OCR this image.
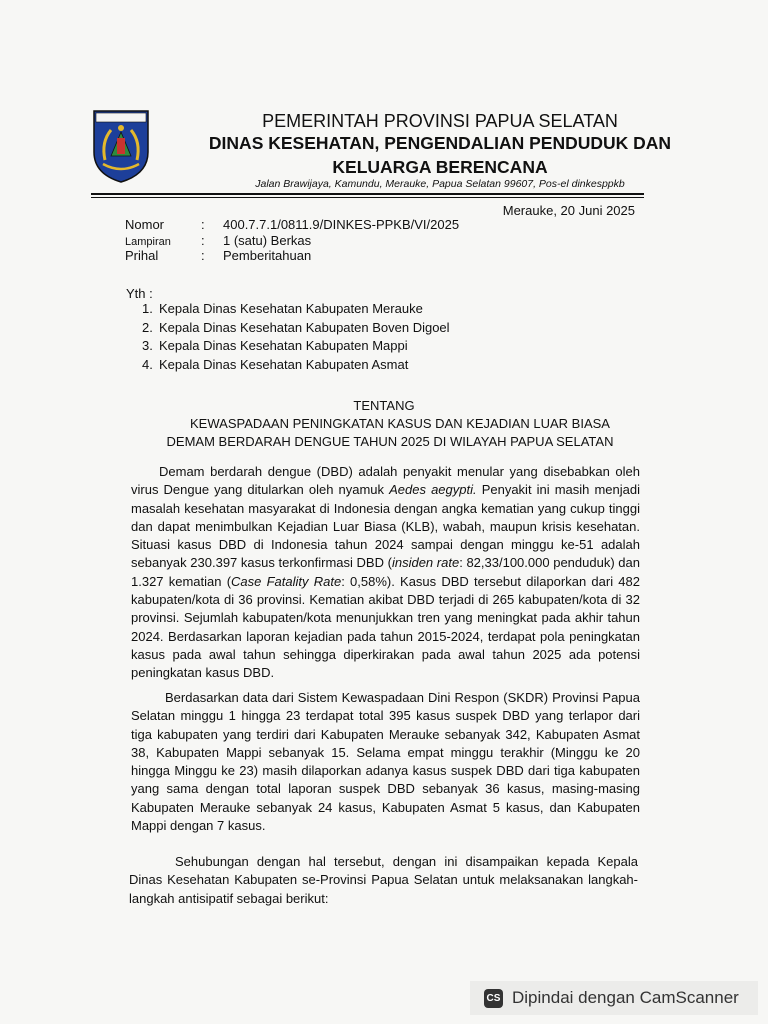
PEMERINTAH PROVINSI PAPUA SELATAN
DINAS KESEHATAN, PENGENDALIAN PENDUDUK DAN
KELUARGA BERENCANA
Jalan Brawijaya, Kamundu, Merauke, Papua Selatan 99607, Pos-el dinkesppkb
Merauke, 20 Juni 2025
Nomor	: 400.7.7.1/0811.9/DINKES-PPKB/VI/2025
Lampiran : 1 (satu) Berkas
Prihal	: Pemberitahuan
Yth :
1. Kepala Dinas Kesehatan Kabupaten Merauke
2. Kepala Dinas Kesehatan Kabupaten Boven Digoel
3. Kepala Dinas Kesehatan Kabupaten Mappi
4. Kepala Dinas Kesehatan Kabupaten Asmat
TENTANG
KEWASPADAAN PENINGKATAN KASUS DAN KEJADIAN LUAR BIASA
DEMAM BERDARAH DENGUE TAHUN 2025 DI WILAYAH PAPUA SELATAN
Demam berdarah dengue (DBD) adalah penyakit menular yang disebabkan oleh virus Dengue yang ditularkan oleh nyamuk Aedes aegypti. Penyakit ini masih menjadi masalah kesehatan masyarakat di Indonesia dengan angka kematian yang cukup tinggi dan dapat menimbulkan Kejadian Luar Biasa (KLB), wabah, maupun krisis kesehatan. Situasi kasus DBD di Indonesia tahun 2024 sampai dengan minggu ke-51 adalah sebanyak 230.397 kasus terkonfirmasi DBD (insiden rate: 82,33/100.000 penduduk) dan 1.327 kematian (Case Fatality Rate: 0,58%). Kasus DBD tersebut dilaporkan dari 482 kabupaten/kota di 36 provinsi. Kematian akibat DBD terjadi di 265 kabupaten/kota di 32 provinsi. Sejumlah kabupaten/kota menunjukkan tren yang meningkat pada akhir tahun 2024. Berdasarkan laporan kejadian pada tahun 2015-2024, terdapat pola peningkatan kasus pada awal tahun sehingga diperkirakan pada awal tahun 2025 ada potensi peningkatan kasus DBD.
Berdasarkan data dari Sistem Kewaspadaan Dini Respon (SKDR) Provinsi Papua Selatan minggu 1 hingga 23 terdapat total 395 kasus suspek DBD yang terlapor dari tiga kabupaten yang terdiri dari Kabupaten Merauke sebanyak 342, Kabupaten Asmat 38, Kabupaten Mappi sebanyak 15. Selama empat minggu terakhir (Minggu ke 20 hingga Minggu ke 23) masih dilaporkan adanya kasus suspek DBD dari tiga kabupaten yang sama dengan total laporan suspek DBD sebanyak 36 kasus, masing-masing Kabupaten Merauke sebanyak 24 kasus, Kabupaten Asmat 5 kasus, dan Kabupaten Mappi dengan 7 kasus.
Sehubungan dengan hal tersebut, dengan ini disampaikan kepada Kepala Dinas Kesehatan Kabupaten se-Provinsi Papua Selatan untuk melaksanakan langkah-langkah antisipatif sebagai berikut:
CS Dipindai dengan CamScanner
